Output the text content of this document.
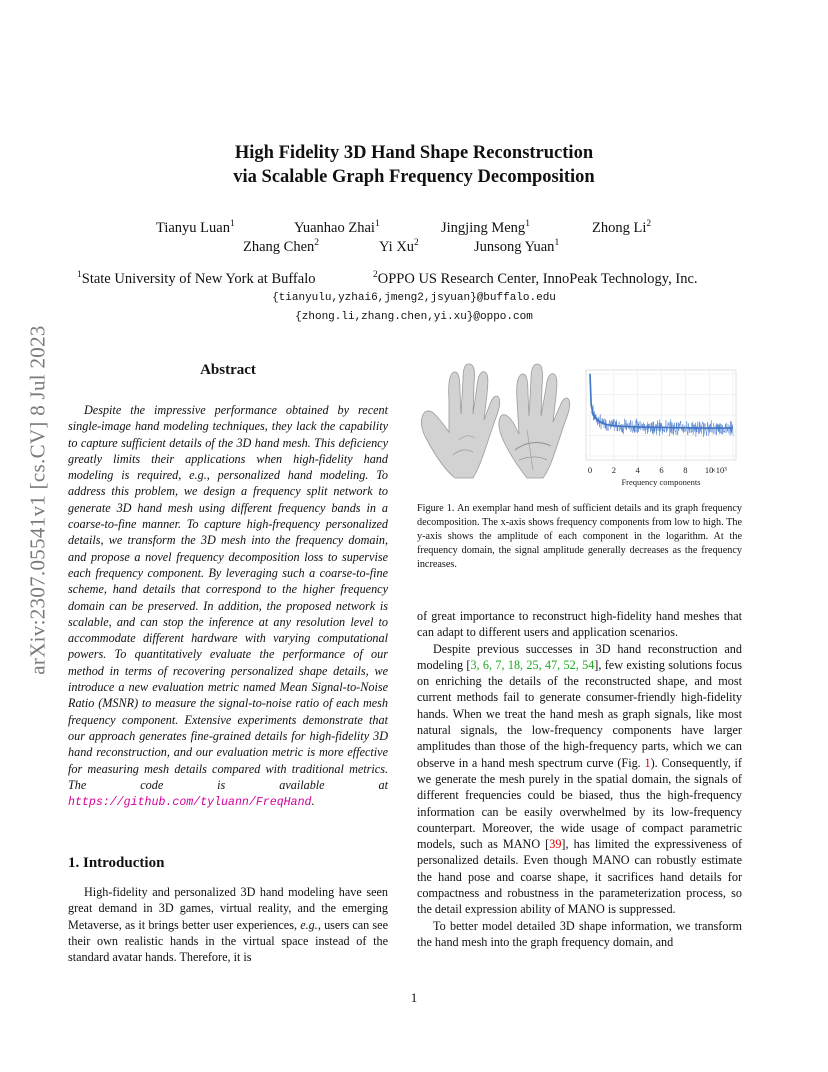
arXiv:2307.05541v1 [cs.CV] 8 Jul 2023
High Fidelity 3D Hand Shape Reconstruction
via Scalable Graph Frequency Decomposition
Tianyu Luan$^1$	Yuanhao Zhai$^1$	Jingjing Meng$^1$	Zhong Li$^2$
Zhang Chen$^2$	Yi Xu$^2$	Junsong Yuan$^1$
$^1$State University of New York at Buffalo	$^2$OPPO US Research Center, InnoPeak Technology, Inc.
{tianyulu,yzhai6,jmeng2,jsyuan}@buffalo.edu
{zhong.li,zhang.chen,yi.xu}@oppo.com
Abstract

Despite the impressive performance obtained by recent single-image hand modeling techniques, they lack the capability to capture sufficient details of the 3D hand mesh. This deficiency greatly limits their applications when high-fidelity hand modeling is required, e.g., personalized hand modeling. To address this problem, we design a frequency split network to generate 3D hand mesh using different frequency bands in a coarse-to-fine manner. To capture high-frequency personalized details, we transform the 3D mesh into the frequency domain, and propose a novel frequency decomposition loss to supervise each frequency component. By leveraging such a coarse-to-fine scheme, hand details that correspond to the higher frequency domain can be preserved. In addition, the proposed network is scalable, and can stop the inference at any resolution level to accommodate different hardware with varying computational powers. To quantitatively evaluate the performance of our method in terms of recovering personalized shape details, we introduce a new evaluation metric named Mean Signal-to-Noise Ratio (MSNR) to measure the signal-to-noise ratio of each mesh frequency component. Extensive experiments demonstrate that our approach generates fine-grained details for high-fidelity 3D hand reconstruction, and our evaluation metric is more effective for measuring mesh details compared with traditional metrics. The code is available at https://github.com/tyluann/FreqHand.

1. Introduction

High-fidelity and personalized 3D hand modeling have seen great demand in 3D games, virtual reality, and the emerging Metaverse, as it brings better user experiences, e.g., users can see their own realistic hands in the virtual space instead of the standard avatar hands. Therefore, it is

0 2 4 6 8 10
×10³
Frequency components
Figure 1. An exemplar hand mesh of sufficient details and its graph frequency decomposition. The x-axis shows frequency components from low to high. The y-axis shows the amplitude of each component in the logarithm. At the frequency domain, the signal amplitude generally decreases as the frequency increases.

of great importance to reconstruct high-fidelity hand meshes that can adapt to different users and application scenarios.

Despite previous successes in 3D hand reconstruction and modeling [3, 6, 7, 18, 25, 47, 52, 54], few existing solutions focus on enriching the details of the reconstructed shape, and most current methods fail to generate consumer-friendly high-fidelity hands. When we treat the hand mesh as graph signals, like most natural signals, the low-frequency components have larger amplitudes than those of the high-frequency parts, which we can observe in a hand mesh spectrum curve (Fig. 1). Consequently, if we generate the mesh purely in the spatial domain, the signals of different frequencies could be biased, thus the high-frequency information can be easily overwhelmed by its low-frequency counterpart. Moreover, the wide usage of compact parametric models, such as MANO [39], has limited the expressiveness of personalized details. Even though MANO can robustly estimate the hand pose and coarse shape, it sacrifices hand details for compactness and robustness in the parameterization process, so the detail expression ability of MANO is suppressed.

To better model detailed 3D shape information, we transform the hand mesh into the graph frequency domain, and

1
